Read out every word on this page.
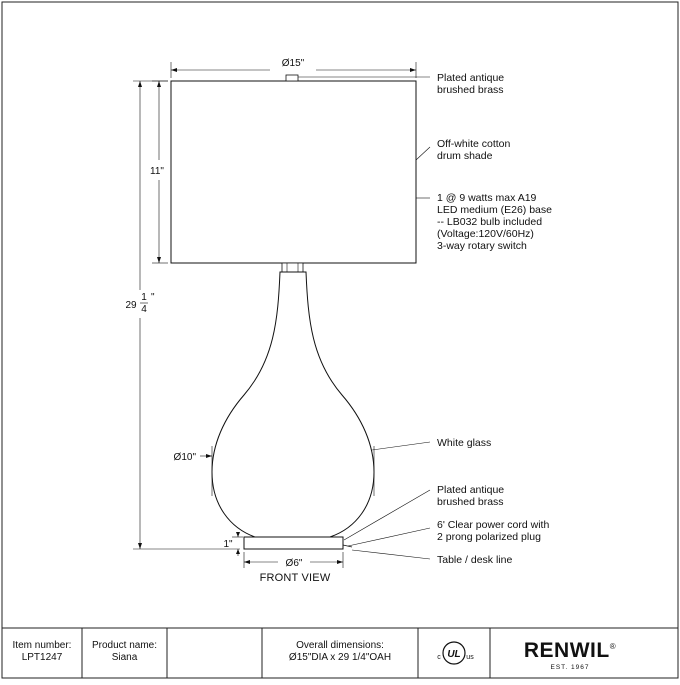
Ø15"
11"
29
1
4
"
Ø10"
1"
Ø6"
FRONT VIEW
Plated antique brushed brass
Off-white cotton drum shade
1 @ 9 watts max A19 LED medium (E26) base -- LB032 bulb included (Voltage:120V/60Hz) 3-way rotary switch
White glass
Plated antique brushed brass
6' Clear power cord with 2 prong polarized plug
Table / desk line
UL
c	us
Item number:
LPT1247
Product name:
Siana
Overall dimensions:
Ø15"DIA x 29 1/4"OAH	RENWIL®
EST. 1967
